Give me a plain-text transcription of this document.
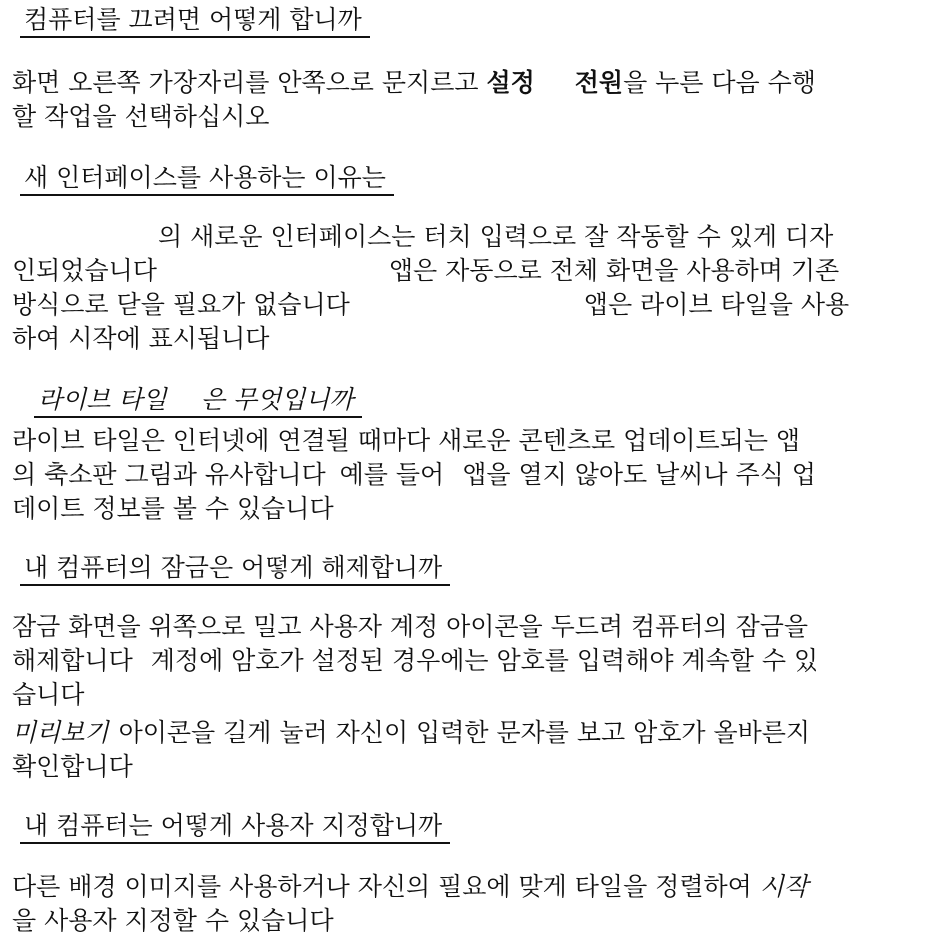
컴퓨터를 끄려면 어떻게 합니까
화면 오른쪽 가장자리를 안쪽으로 문지르고 설정 전원을 누른 다음 수행
할 작업을 선택하십시오
새 인터페이스를 사용하는 이유는
의 새로운 인터페이스는 터치 입력으로 잘 작동할 수 있게 디자
인되었습니다	앱은 자동으로 전체 화면을 사용하며 기존
방식으로 닫을 필요가 없습니다	앱은 라이브 타일을 사용
하여 시작에 표시됩니다
라이브 타일 은 무엇입니까
라이브 타일은 인터넷에 연결될 때마다 새로운 콘텐츠로 업데이트되는 앱
의 축소판 그림과 유사합니다 예를 들어 앱을 열지 않아도 날씨나 주식 업
데이트 정보를 볼 수 있습니다
내 컴퓨터의 잠금은 어떻게 해제합니까
잠금 화면을 위쪽으로 밀고 사용자 계정 아이콘을 두드려 컴퓨터의 잠금을
해제합니다 계정에 암호가 설정된 경우에는 암호를 입력해야 계속할 수 있
습니다
미리보기 아이콘을 길게 눌러 자신이 입력한 문자를 보고 암호가 올바른지
확인합니다
내 컴퓨터는 어떻게 사용자 지정합니까
다른 배경 이미지를 사용하거나 자신의 필요에 맞게 타일을 정렬하여 시작
을 사용자 지정할 수 있습니다
